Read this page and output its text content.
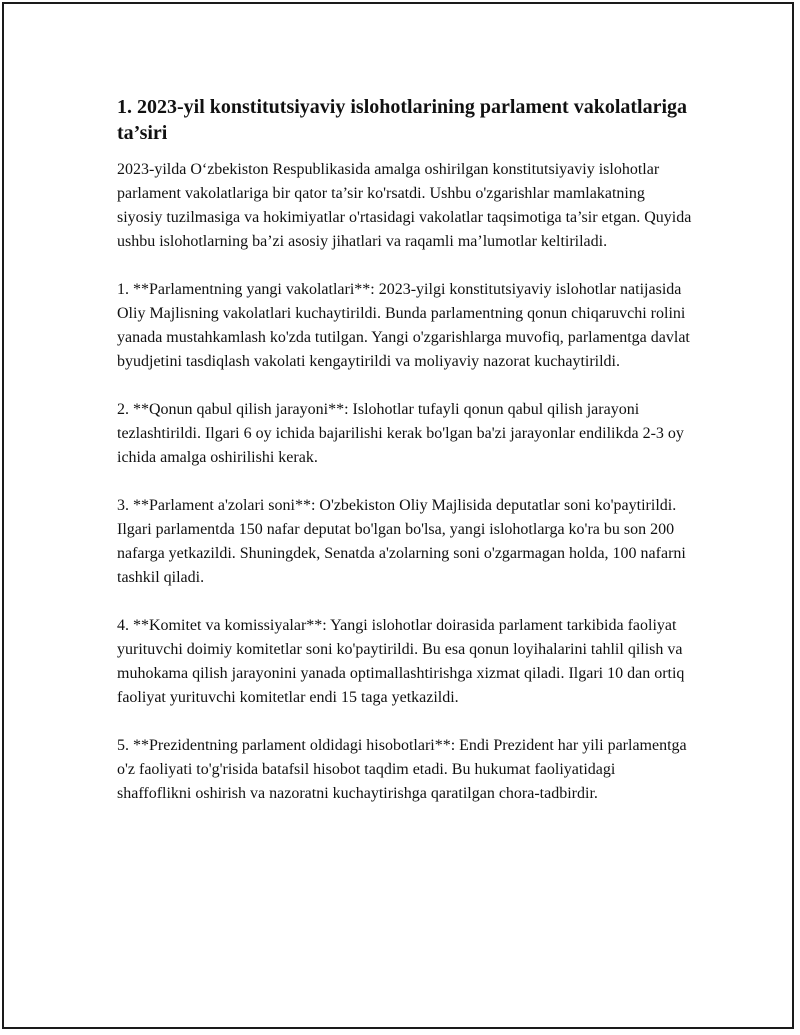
1. 2023-yil konstitutsiyaviy islohotlarining parlament vakolatlariga ta’siri

2023-yilda O‘zbekiston Respublikasida amalga oshirilgan konstitutsiyaviy islohotlar parlament vakolatlariga bir qator ta’sir ko'rsatdi. Ushbu o'zgarishlar mamlakatning siyosiy tuzilmasiga va hokimiyatlar o'rtasidagi vakolatlar taqsimotiga ta’sir etgan. Quyida ushbu islohotlarning ba’zi asosiy jihatlari va raqamli ma’lumotlar keltiriladi.

1. **Parlamentning yangi vakolatlari**: 2023-yilgi konstitutsiyaviy islohotlar natijasida Oliy Majlisning vakolatlari kuchaytirildi. Bunda parlamentning qonun chiqaruvchi rolini yanada mustahkamlash ko'zda tutilgan. Yangi o'zgarishlarga muvofiq, parlamentga davlat byudjetini tasdiqlash vakolati kengaytirildi va moliyaviy nazorat kuchaytirildi.

2. **Qonun qabul qilish jarayoni**: Islohotlar tufayli qonun qabul qilish jarayoni tezlashtirildi. Ilgari 6 oy ichida bajarilishi kerak bo'lgan ba'zi jarayonlar endilikda 2-3 oy ichida amalga oshirilishi kerak.

3. **Parlament a'zolari soni**: O'zbekiston Oliy Majlisida deputatlar soni ko'paytirildi. Ilgari parlamentda 150 nafar deputat bo'lgan bo'lsa, yangi islohotlarga ko'ra bu son 200 nafarga yetkazildi. Shuningdek, Senatda a'zolarning soni o'zgarmagan holda, 100 nafarni tashkil qiladi.

4. **Komitet va komissiyalar**: Yangi islohotlar doirasida parlament tarkibida faoliyat yurituvchi doimiy komitetlar soni ko'paytirildi. Bu esa qonun loyihalarini tahlil qilish va muhokama qilish jarayonini yanada optimallashtirishga xizmat qiladi. Ilgari 10 dan ortiq faoliyat yurituvchi komitetlar endi 15 taga yetkazildi.

5. **Prezidentning parlament oldidagi hisobotlari**: Endi Prezident har yili parlamentga o'z faoliyati to'g'risida batafsil hisobot taqdim etadi. Bu hukumat faoliyatidagi shaffoflikni oshirish va nazoratni kuchaytirishga qaratilgan chora-tadbirdir.
